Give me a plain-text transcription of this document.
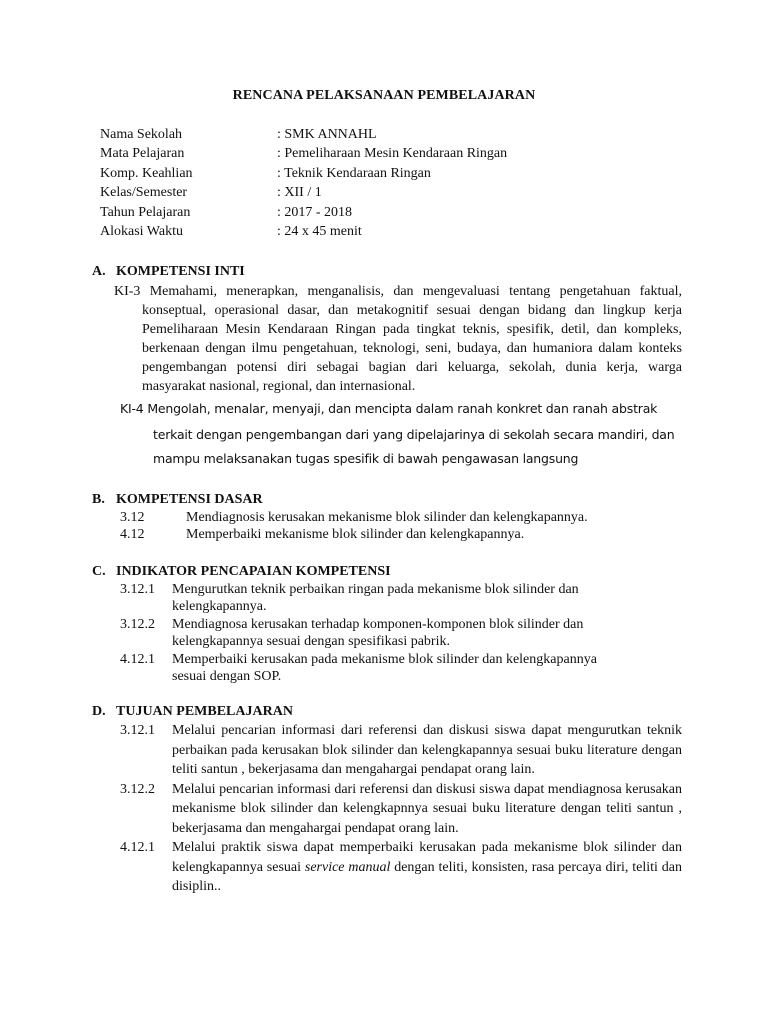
RENCANA PELAKSANAAN PEMBELAJARAN
Nama Sekolah	: SMK ANNAHL
Mata Pelajaran	: Pemeliharaan Mesin Kendaraan Ringan
Komp. Keahlian	: Teknik Kendaraan Ringan
Kelas/Semester	: XII / 1
Tahun Pelajaran	: 2017 - 2018
Alokasi Waktu	: 24 x 45 menit
A. KOMPETENSI INTI
KI-3 Memahami, menerapkan, menganalisis, dan mengevaluasi tentang pengetahuan faktual, konseptual, operasional dasar, dan metakognitif sesuai dengan bidang dan lingkup kerja Pemeliharaan Mesin Kendaraan Ringan pada tingkat teknis, spesifik, detil, dan kompleks, berkenaan dengan ilmu pengetahuan, teknologi, seni, budaya, dan humaniora dalam konteks pengembangan potensi diri sebagai bagian dari keluarga, sekolah, dunia kerja, warga masyarakat nasional, regional, dan internasional.
KI-4 Mengolah, menalar, menyaji, dan mencipta dalam ranah konkret dan ranah abstrak
terkait dengan pengembangan dari yang dipelajarinya di sekolah secara mandiri, dan
mampu melaksanakan tugas spesifik di bawah pengawasan langsung
B. KOMPETENSI DASAR
3.12	Mendiagnosis kerusakan mekanisme blok silinder dan kelengkapannya.
4.12	Memperbaiki mekanisme blok silinder dan kelengkapannya.
C. INDIKATOR PENCAPAIAN KOMPETENSI
3.12.1	Mengurutkan teknik perbaikan ringan pada mekanisme blok silinder dan
kelengkapannya.
3.12.2	Mendiagnosa kerusakan terhadap komponen-komponen blok silinder dan
kelengkapannya sesuai dengan spesifikasi pabrik.
4.12.1	Memperbaiki kerusakan pada mekanisme blok silinder dan kelengkapannya
sesuai dengan SOP.
D. TUJUAN PEMBELAJARAN
3.12.1	Melalui pencarian informasi dari referensi dan diskusi siswa dapat mengurutkan teknik perbaikan pada kerusakan blok silinder dan kelengkapannya sesuai buku literature dengan teliti santun , bekerjasama dan mengahargai pendapat orang lain.
3.12.2	Melalui pencarian informasi dari referensi dan diskusi siswa dapat mendiagnosa kerusakan mekanisme blok silinder dan kelengkapnnya sesuai buku literature dengan teliti santun , bekerjasama dan mengahargai pendapat orang lain.
4.12.1	Melalui praktik siswa dapat memperbaiki kerusakan pada mekanisme blok silinder dan kelengkapannya sesuai service manual dengan teliti, konsisten, rasa percaya diri, teliti dan disiplin..
